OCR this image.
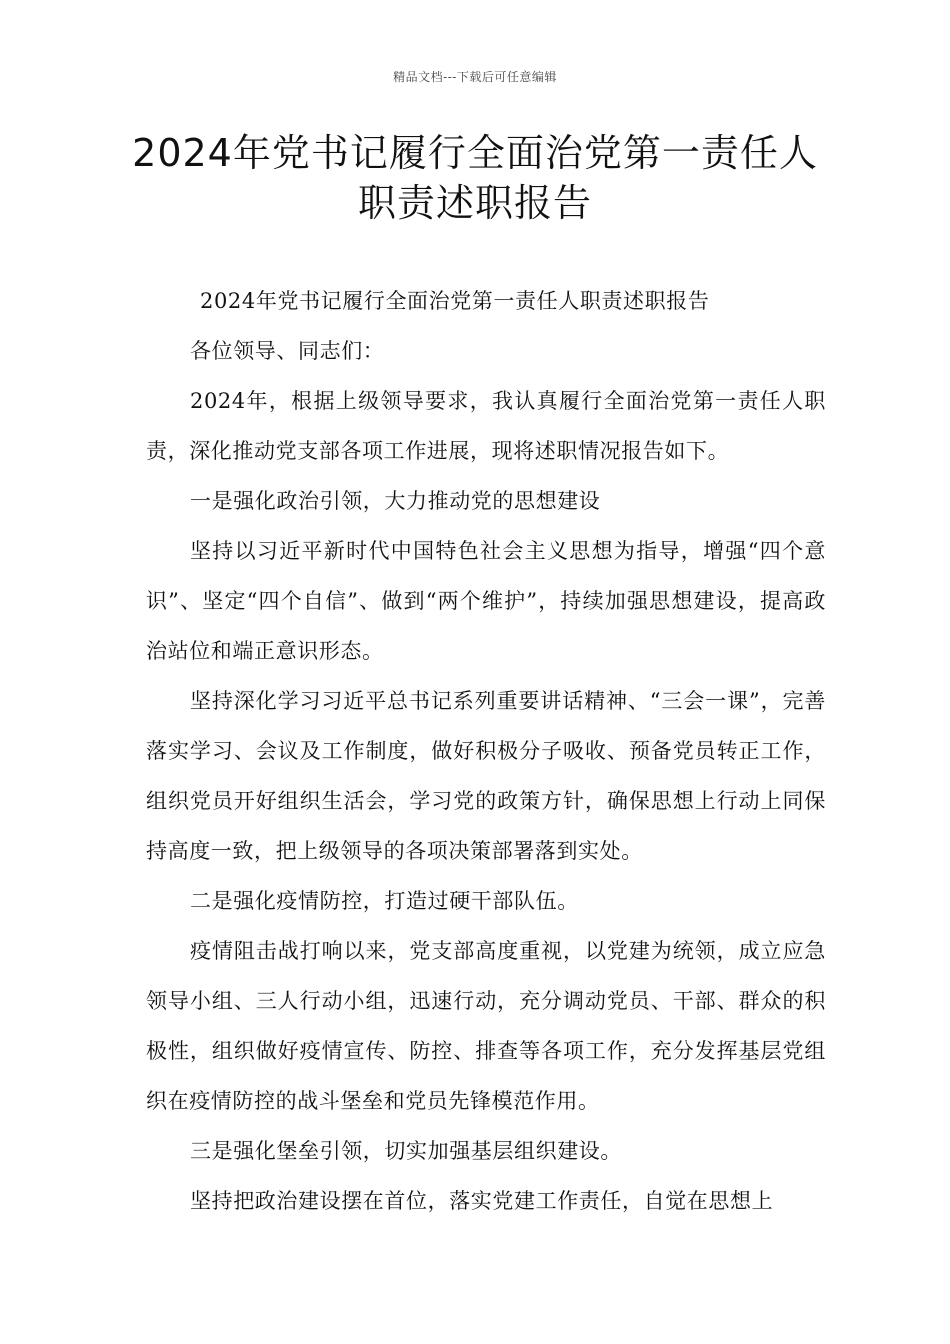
精品文档---下载后可任意编辑
2024年党书记履行全面治党第一责任人
职责述职报告

2024年党书记履行全面治党第一责任人职责述职报告

各位领导、同志们：

2024年，根据上级领导要求，我认真履行全面治党第一责任人职责，深化推动党支部各项工作进展，现将述职情况报告如下。

一是强化政治引领，大力推动党的思想建设

坚持以习近平新时代中国特色社会主义思想为指导，增强“四个意识”、坚定“四个自信”、做到“两个维护”，持续加强思想建设，提高政治站位和端正意识形态。

坚持深化学习习近平总书记系列重要讲话精神、“三会一课”，完善落实学习、会议及工作制度，做好积极分子吸收、预备党员转正工作，组织党员开好组织生活会，学习党的政策方针，确保思想上行动上同保持高度一致，把上级领导的各项决策部署落到实处。

二是强化疫情防控，打造过硬干部队伍。

疫情阻击战打响以来，党支部高度重视，以党建为统领，成立应急领导小组、三人行动小组，迅速行动，充分调动党员、干部、群众的积极性，组织做好疫情宣传、防控、排查等各项工作，充分发挥基层党组织在疫情防控的战斗堡垒和党员先锋模范作用。

三是强化堡垒引领，切实加强基层组织建设。

坚持把政治建设摆在首位，落实党建工作责任，自觉在思想上
